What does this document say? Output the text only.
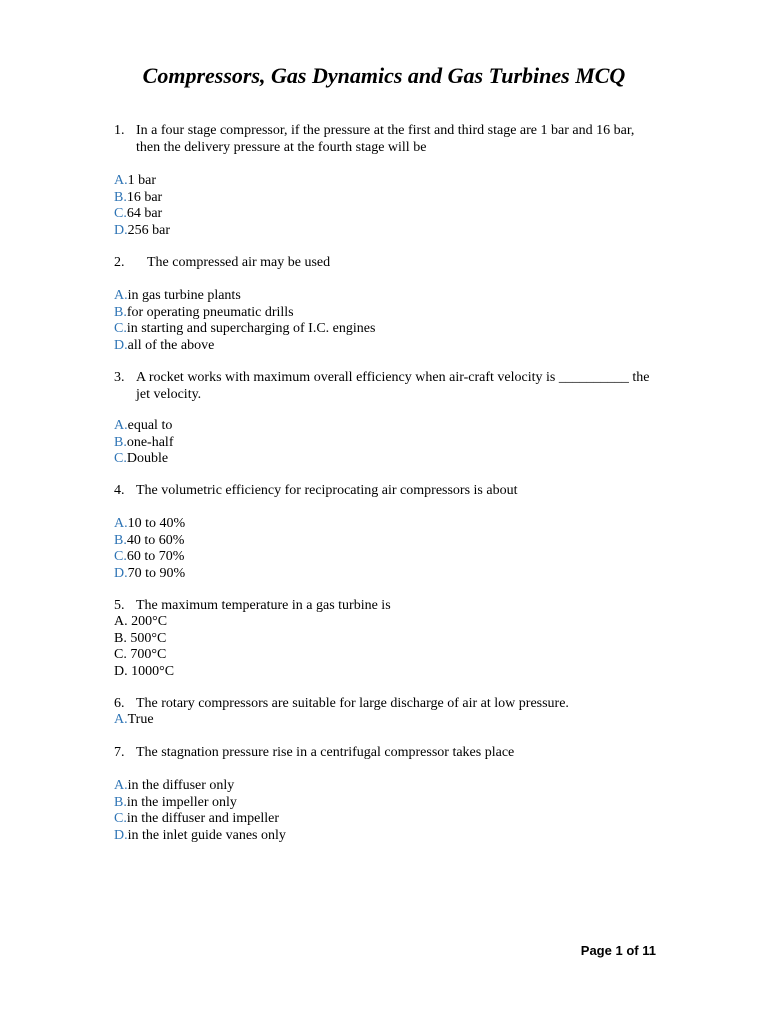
Compressors, Gas Dynamics and Gas Turbines MCQ
1. In a four stage compressor, if the pressure at the first and third stage are 1 bar and 16 bar, then the delivery pressure at the fourth stage will be
A.1 bar
B.16 bar
C.64 bar
D.256 bar
2. The compressed air may be used
A.in gas turbine plants
B.for operating pneumatic drills
C.in starting and supercharging of I.C. engines
D.all of the above
3. A rocket works with maximum overall efficiency when air-craft velocity is __________ the jet velocity.
A.equal to
B.one-half
C.Double
4. The volumetric efficiency for reciprocating air compressors is about
A.10 to 40%
B.40 to 60%
C.60 to 70%
D.70 to 90%
5. The maximum temperature in a gas turbine is
A. 200°C
B. 500°C
C. 700°C
D. 1000°C
6. The rotary compressors are suitable for large discharge of air at low pressure.
A.True
7. The stagnation pressure rise in a centrifugal compressor takes place
A.in the diffuser only
B.in the impeller only
C.in the diffuser and impeller
D.in the inlet guide vanes only
Page 1 of 11
